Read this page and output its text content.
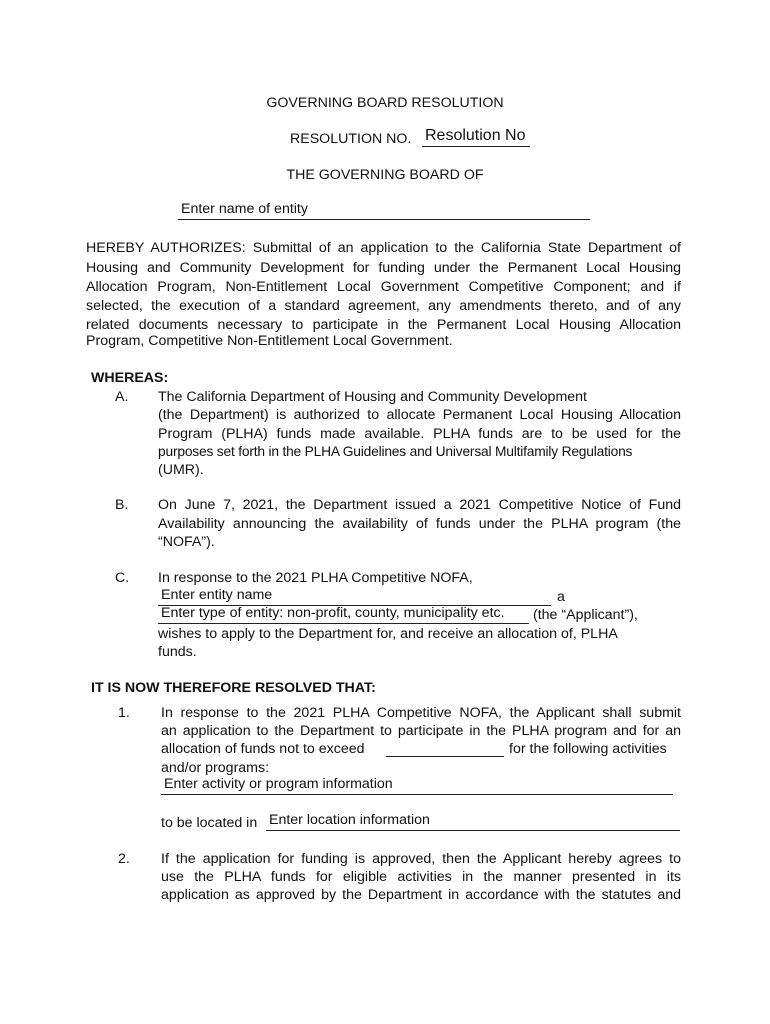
GOVERNING BOARD RESOLUTION
RESOLUTION NO. Resolution No
THE GOVERNING BOARD OF
Enter name of entity
HEREBY AUTHORIZES: Submittal of an application to the California State Department of
Housing and Community Development for funding under the Permanent Local Housing
Allocation Program, Non-Entitlement Local Government Competitive Component; and if
selected, the execution of a standard agreement, any amendments thereto, and of any
related documents necessary to participate in the Permanent Local Housing Allocation
Program, Competitive Non-Entitlement Local Government.
WHEREAS:
A. The California Department of Housing and Community Development
(the Department) is authorized to allocate Permanent Local Housing Allocation
Program (PLHA) funds made available. PLHA funds are to be used for the
purposes set forth in the PLHA Guidelines and Universal Multifamily Regulations
(UMR).
B. On June 7, 2021, the Department issued a 2021 Competitive Notice of Fund
Availability announcing the availability of funds under the PLHA program (the
“NOFA”).
C. In response to the 2021 PLHA Competitive NOFA,
Enter entity name	a
Enter type of entity: non-profit, county, municipality etc.	(the “Applicant”),
wishes to apply to the Department for, and receive an allocation of, PLHA
funds.
IT IS NOW THEREFORE RESOLVED THAT:
1. In response to the 2021 PLHA Competitive NOFA, the Applicant shall submit
an application to the Department to participate in the PLHA program and for an
allocation of funds not to exceed	for the following activities
and/or programs:
Enter activity or program information
to be located in Enter location information
2. If the application for funding is approved, then the Applicant hereby agrees to
use the PLHA funds for eligible activities in the manner presented in its
application as approved by the Department in accordance with the statutes and
